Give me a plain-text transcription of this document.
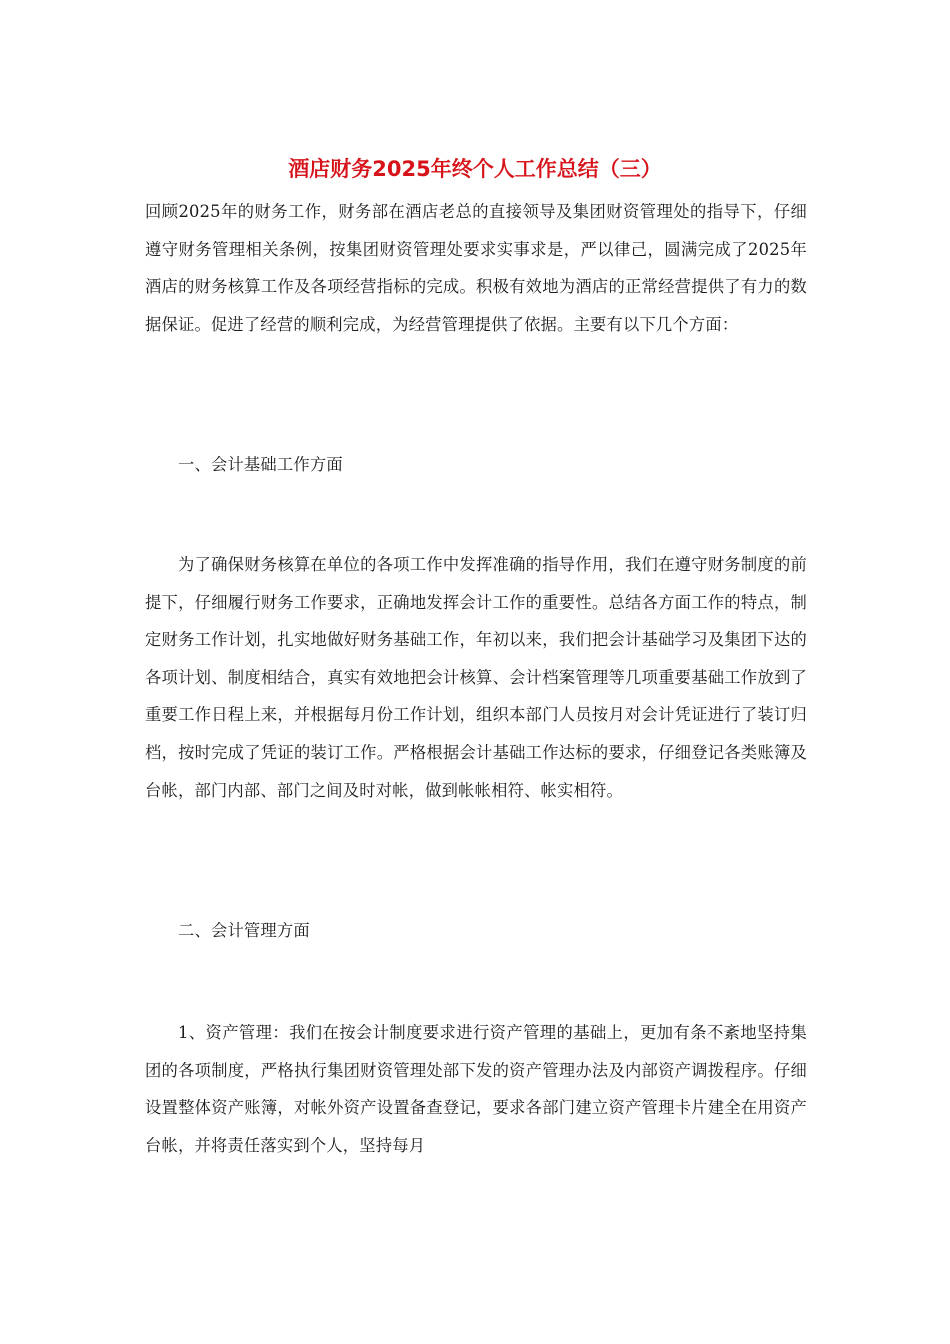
酒店财务2025年终个人工作总结（三）

回顾2025年的财务工作，财务部在酒店老总的直接领导及集团财资管理处的指导下，仔细遵守财务管理相关条例，按集团财资管理处要求实事求是，严以律己，圆满完成了2025年酒店的财务核算工作及各项经营指标的完成。积极有效地为酒店的正常经营提供了有力的数据保证。促进了经营的顺利完成，为经营管理提供了依据。主要有以下几个方面：

一、会计基础工作方面

为了确保财务核算在单位的各项工作中发挥准确的指导作用，我们在遵守财务制度的前提下，仔细履行财务工作要求，正确地发挥会计工作的重要性。总结各方面工作的特点，制定财务工作计划，扎实地做好财务基础工作，年初以来，我们把会计基础学习及集团下达的各项计划、制度相结合，真实有效地把会计核算、会计档案管理等几项重要基础工作放到了重要工作日程上来，并根据每月份工作计划，组织本部门人员按月对会计凭证进行了装订归档，按时完成了凭证的装订工作。严格根据会计基础工作达标的要求，仔细登记各类账簿及台帐，部门内部、部门之间及时对帐，做到帐帐相符、帐实相符。

二、会计管理方面

1、资产管理：我们在按会计制度要求进行资产管理的基础上，更加有条不紊地坚持集团的各项制度，严格执行集团财资管理处部下发的资产管理办法及内部资产调拨程序。仔细设置整体资产账簿，对帐外资产设置备查登记，要求各部门建立资产管理卡片建全在用资产台帐，并将责任落实到个人，坚持每月
